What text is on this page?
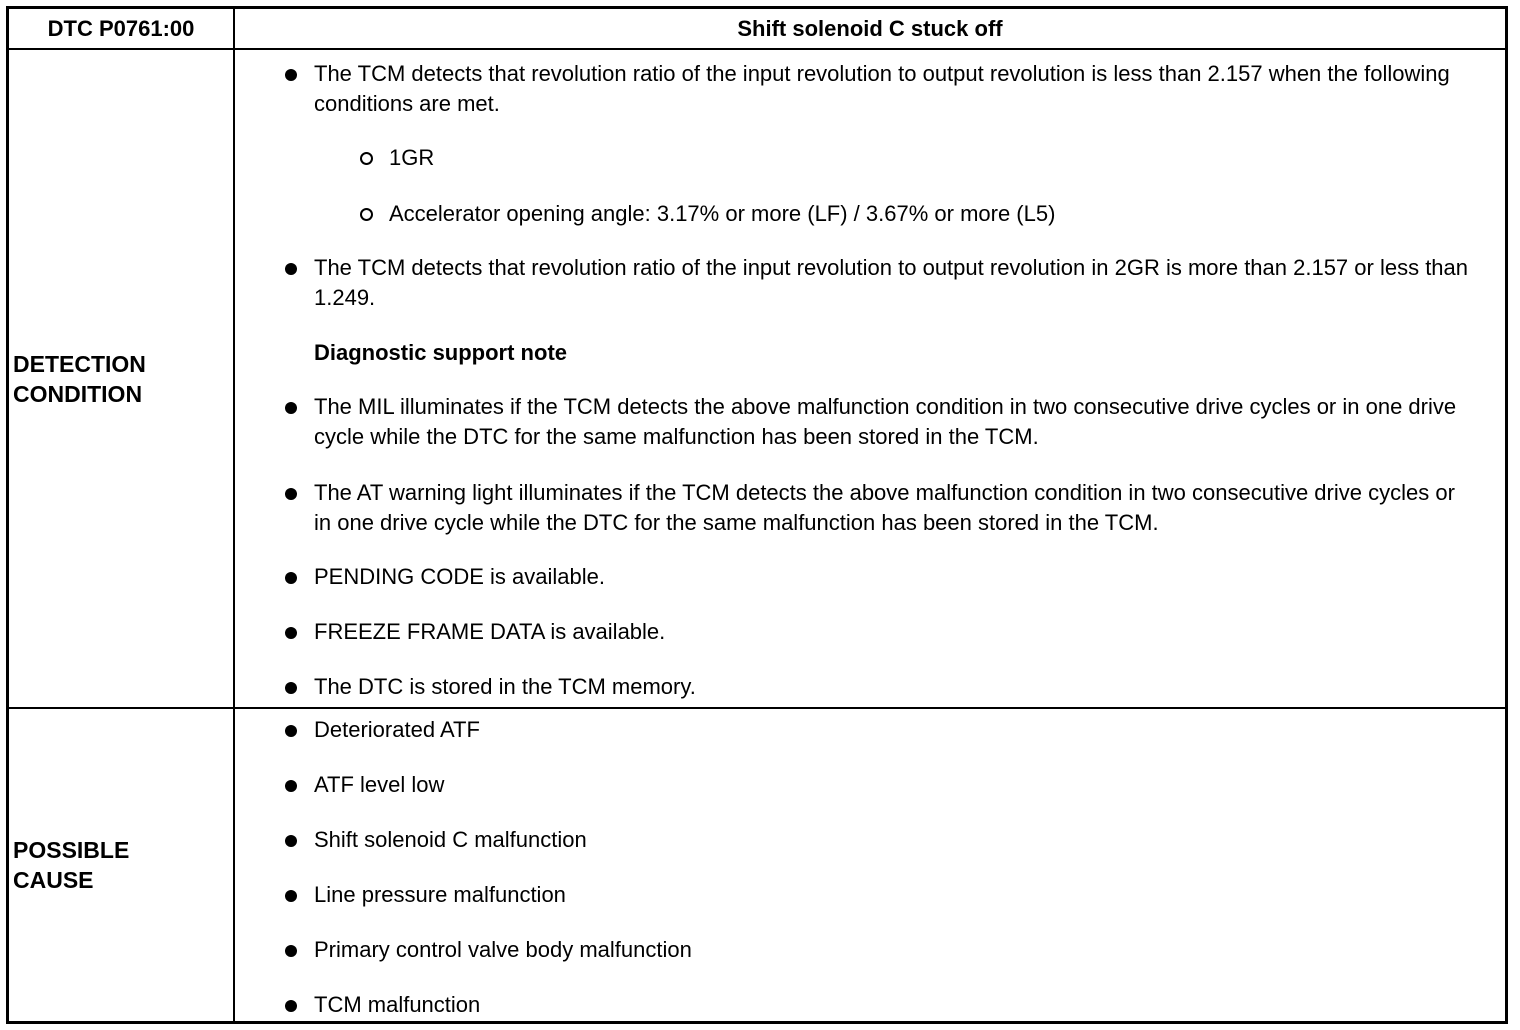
DTC P0761:00	Shift solenoid C stuck off
DETECTION
CONDITION
The TCM detects that revolution ratio of the input revolution to output revolution is less than 2.157 when the following conditions are met.
1GR
Accelerator opening angle: 3.17% or more (LF) / 3.67% or more (L5)
The TCM detects that revolution ratio of the input revolution to output revolution in 2GR is more than 2.157 or less than 1.249.
Diagnostic support note
The MIL illuminates if the TCM detects the above malfunction condition in two consecutive drive cycles or in one drive cycle while the DTC for the same malfunction has been stored in the TCM.
The AT warning light illuminates if the TCM detects the above malfunction condition in two consecutive drive cycles or in one drive cycle while the DTC for the same malfunction has been stored in the TCM.
PENDING CODE is available.
FREEZE FRAME DATA is available.
The DTC is stored in the TCM memory.
POSSIBLE
CAUSE
Deteriorated ATF
ATF level low
Shift solenoid C malfunction
Line pressure malfunction
Primary control valve body malfunction
TCM malfunction
